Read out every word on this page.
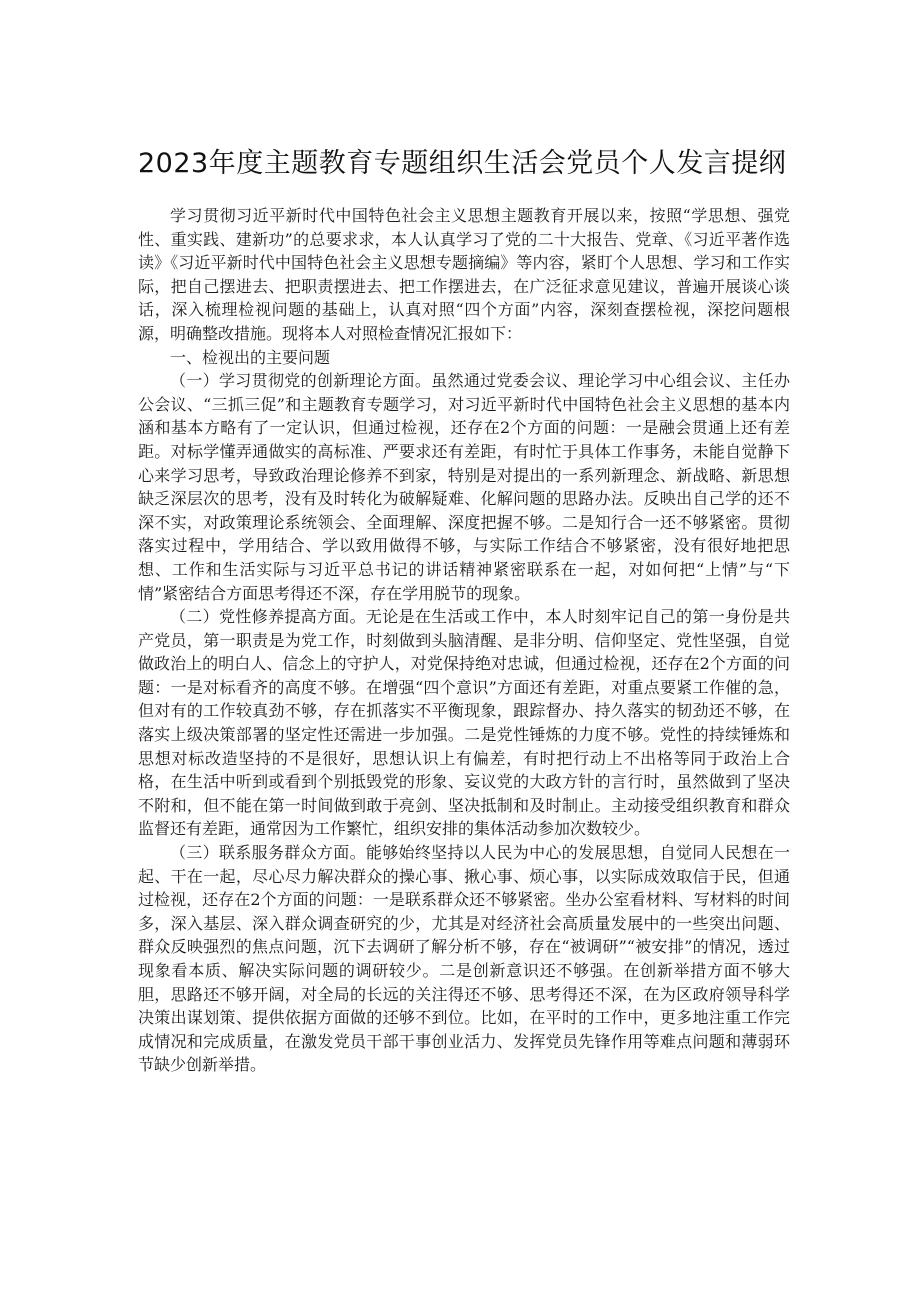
2023年度主题教育专题组织生活会党员个人发言提纲

学习贯彻习近平新时代中国特色社会主义思想主题教育开展以来，按照“学思想、强党性、重实践、建新功”的总要求求，本人认真学习了党的二十大报告、党章、《习近平著作选读》《习近平新时代中国特色社会主义思想专题摘编》等内容，紧盯个人思想、学习和工作实际，把自己摆进去、把职责摆进去、把工作摆进去，在广泛征求意见建议，普遍开展谈心谈话，深入梳理检视问题的基础上，认真对照“四个方面”内容，深刻查摆检视，深挖问题根源，明确整改措施。现将本人对照检查情况汇报如下：

一、检视出的主要问题

（一）学习贯彻党的创新理论方面。虽然通过党委会议、理论学习中心组会议、主任办公会议、“三抓三促”和主题教育专题学习，对习近平新时代中国特色社会主义思想的基本内涵和基本方略有了一定认识，但通过检视，还存在2个方面的问题：一是融会贯通上还有差距。对标学懂弄通做实的高标准、严要求还有差距，有时忙于具体工作事务，未能自觉静下心来学习思考，导致政治理论修养不到家，特别是对提出的一系列新理念、新战略、新思想缺乏深层次的思考，没有及时转化为破解疑难、化解问题的思路办法。反映出自己学的还不深不实，对政策理论系统领会、全面理解、深度把握不够。二是知行合一还不够紧密。贯彻落实过程中，学用结合、学以致用做得不够，与实际工作结合不够紧密，没有很好地把思想、工作和生活实际与习近平总书记的讲话精神紧密联系在一起，对如何把“上情”与“下情”紧密结合方面思考得还不深，存在学用脱节的现象。

（二）党性修养提高方面。无论是在生活或工作中，本人时刻牢记自己的第一身份是共产党员，第一职责是为党工作，时刻做到头脑清醒、是非分明、信仰坚定、党性坚强，自觉做政治上的明白人、信念上的守护人，对党保持绝对忠诚，但通过检视，还存在2个方面的问题：一是对标看齐的高度不够。在增强“四个意识”方面还有差距，对重点要紧工作催的急，但对有的工作较真劲不够，存在抓落实不平衡现象，跟踪督办、持久落实的韧劲还不够，在落实上级决策部署的坚定性还需进一步加强。二是党性锤炼的力度不够。党性的持续锤炼和思想对标改造坚持的不是很好，思想认识上有偏差，有时把行动上不出格等同于政治上合格，在生活中听到或看到个别抵毁党的形象、妄议党的大政方针的言行时，虽然做到了坚决不附和，但不能在第一时间做到敢于亮剑、坚决抵制和及时制止。主动接受组织教育和群众监督还有差距，通常因为工作繁忙，组织安排的集体活动参加次数较少。

（三）联系服务群众方面。能够始终坚持以人民为中心的发展思想，自觉同人民想在一起、干在一起，尽心尽力解决群众的操心事、揪心事、烦心事，以实际成效取信于民，但通过检视，还存在2个方面的问题：一是联系群众还不够紧密。坐办公室看材料、写材料的时间多，深入基层、深入群众调查研究的少，尤其是对经济社会高质量发展中的一些突出问题、群众反映强烈的焦点问题，沉下去调研了解分析不够，存在“被调研”“被安排”的情况，透过现象看本质、解决实际问题的调研较少。二是创新意识还不够强。在创新举措方面不够大胆，思路还不够开阔，对全局的长远的关注得还不够、思考得还不深，在为区政府领导科学决策出谋划策、提供依据方面做的还够不到位。比如，在平时的工作中，更多地注重工作完成情况和完成质量，在激发党员干部干事创业活力、发挥党员先锋作用等难点问题和薄弱环节缺少创新举措。
